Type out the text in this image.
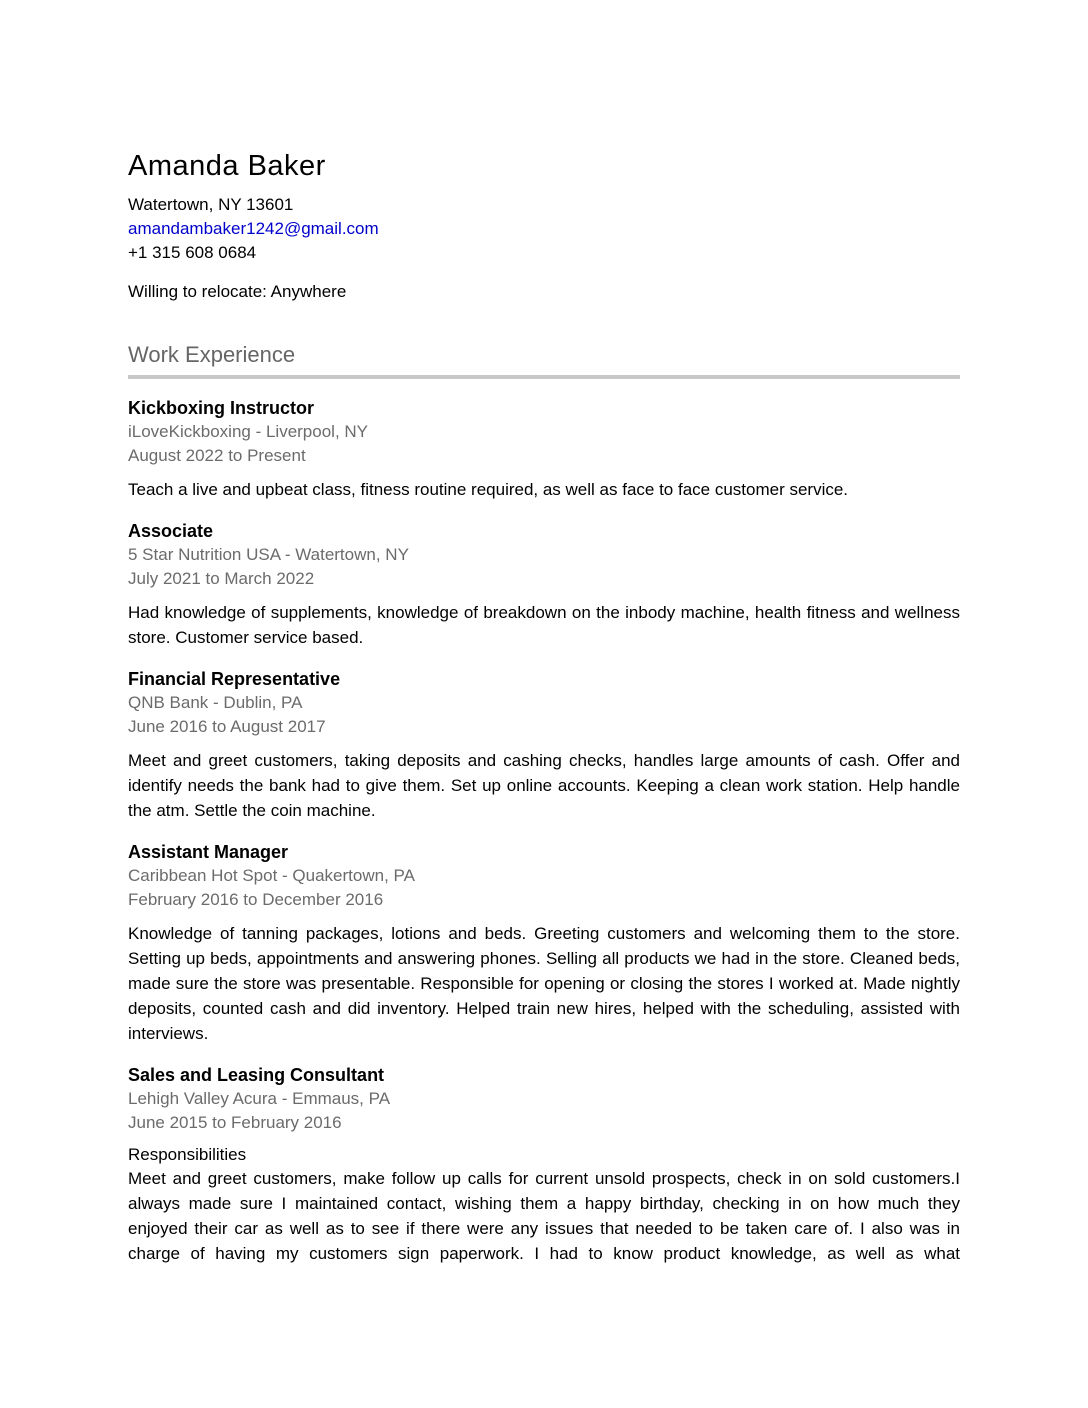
Amanda Baker
Watertown, NY 13601
amandambaker1242@gmail.com
+1 315 608 0684
Willing to relocate: Anywhere
Work Experience
Kickboxing Instructor
iLoveKickboxing - Liverpool, NY
August 2022 to Present
Teach a live and upbeat class, fitness routine required, as well as face to face customer service.
Associate
5 Star Nutrition USA - Watertown, NY
July 2021 to March 2022
Had knowledge of supplements, knowledge of breakdown on the inbody machine, health fitness and wellness store. Customer service based.
Financial Representative
QNB Bank - Dublin, PA
June 2016 to August 2017
Meet and greet customers, taking deposits and cashing checks, handles large amounts of cash. Offer and identify needs the bank had to give them. Set up online accounts. Keeping a clean work station. Help handle the atm. Settle the coin machine.
Assistant Manager
Caribbean Hot Spot - Quakertown, PA
February 2016 to December 2016
Knowledge of tanning packages, lotions and beds. Greeting customers and welcoming them to the store. Setting up beds, appointments and answering phones. Selling all products we had in the store. Cleaned beds, made sure the store was presentable. Responsible for opening or closing the stores I worked at. Made nightly deposits, counted cash and did inventory. Helped train new hires, helped with the scheduling, assisted with interviews.
Sales and Leasing Consultant
Lehigh Valley Acura - Emmaus, PA
June 2015 to February 2016
Responsibilities
Meet and greet customers, make follow up calls for current unsold prospects, check in on sold customers.I always made sure I maintained contact, wishing them a happy birthday, checking in on how much they enjoyed their car as well as to see if there were any issues that needed to be taken care of. I also was in charge of having my customers sign paperwork. I had to know product knowledge, as well as what
